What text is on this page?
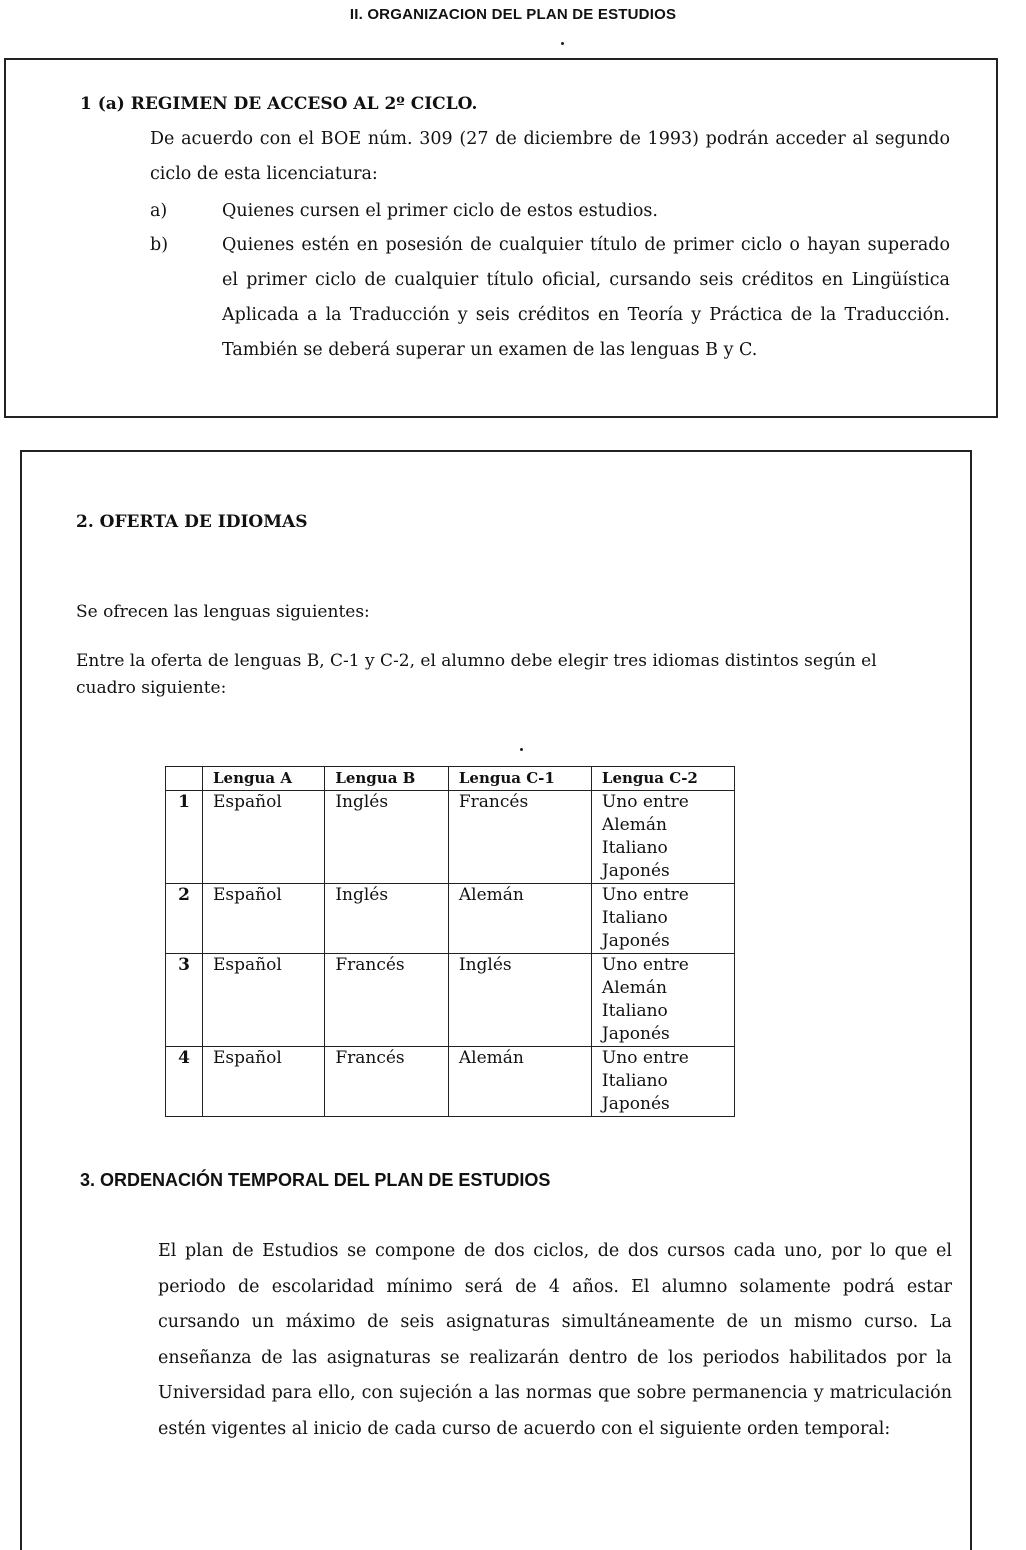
II. ORGANIZACION DEL PLAN DE ESTUDIOS
1 (a) REGIMEN DE ACCESO AL 2º CICLO.
De acuerdo con el BOE núm. 309 (27 de diciembre de 1993) podrán acceder al segundo ciclo de esta licenciatura:
a)	Quienes cursen el primer ciclo de estos estudios.
b)	Quienes estén en posesión de cualquier título de primer ciclo o hayan superado el primer ciclo de cualquier título oficial, cursando seis créditos en Lingüística Aplicada a la Traducción y seis créditos en Teoría y Práctica de la Traducción. También se deberá superar un examen de las lenguas B y C.
2. OFERTA DE IDIOMAS
Se ofrecen las lenguas siguientes:
Entre la oferta de lenguas B, C-1 y C-2, el alumno debe elegir tres idiomas distintos según el cuadro siguiente:
	Lengua A	Lengua B	Lengua C-1	Lengua C-2
1	Español	Inglés	Francés	Uno entre
Alemán
Italiano
Japonés

2	Español	Inglés	Alemán	Uno entre
Italiano
Japonés

3	Español	Francés	Inglés	Uno entre
Alemán
Italiano
Japonés

4	Español	Francés	Alemán	Uno entre
Italiano
Japonés
3. ORDENACIÓN TEMPORAL DEL PLAN DE ESTUDIOS
El plan de Estudios se compone de dos ciclos, de dos cursos cada uno, por lo que el periodo de escolaridad mínimo será de 4 años. El alumno solamente podrá estar cursando un máximo de seis asignaturas simultáneamente de un mismo curso. La enseñanza de las asignaturas se realizarán dentro de los periodos habilitados por la Universidad para ello, con sujeción a las normas que sobre permanencia y matriculación estén vigentes al inicio de cada curso de acuerdo con el siguiente orden temporal:
